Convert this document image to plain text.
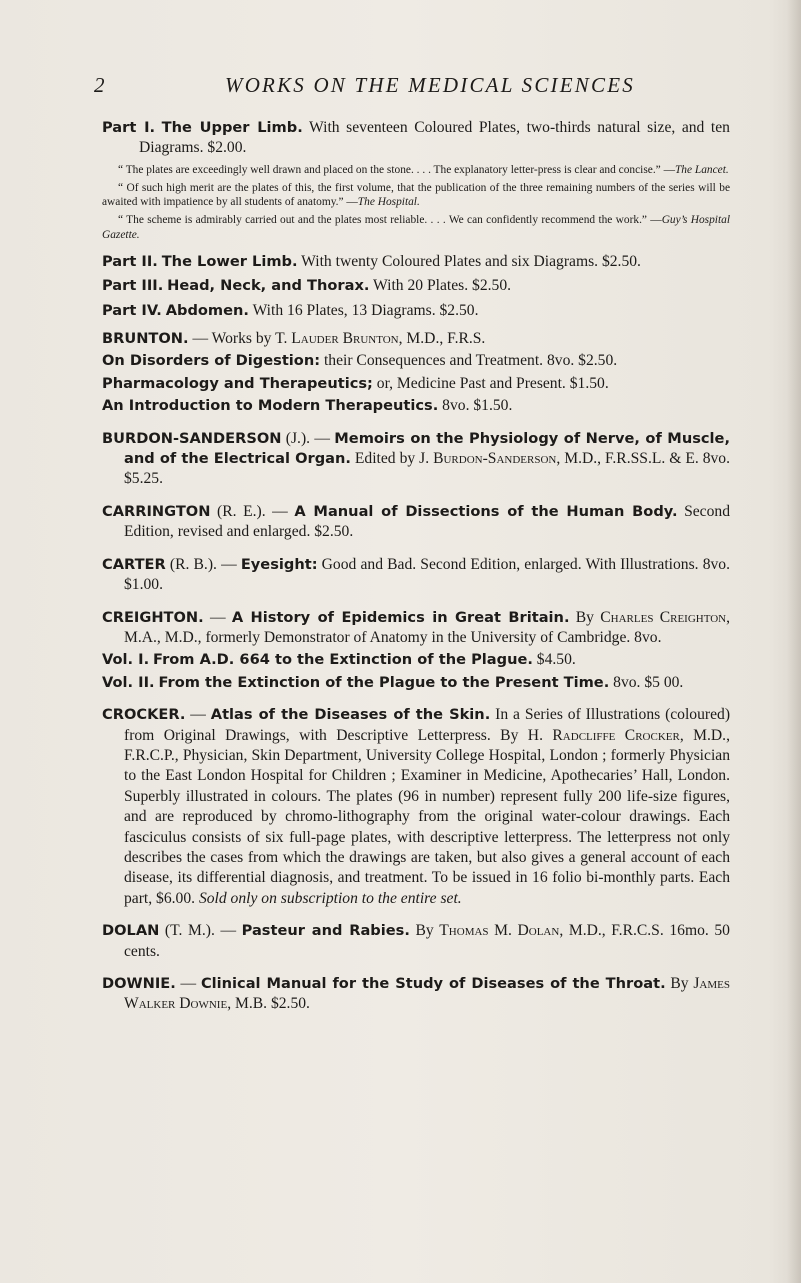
2	WORKS ON THE MEDICAL SCIENCES

Part I. The Upper Limb. With seventeen Coloured Plates, two-thirds natural size, and ten Diagrams. $2.00.

“ The plates are exceedingly well drawn and placed on the stone. . . . The explanatory letter-press is clear and concise.” —The Lancet.

“ Of such high merit are the plates of this, the first volume, that the publication of the three remaining numbers of the series will be awaited with impatience by all students of anatomy.” —The Hospital.

“ The scheme is admirably carried out and the plates most reliable. . . . We can confidently recommend the work.” —Guy’s Hospital Gazette.

Part II. The Lower Limb. With twenty Coloured Plates and six Diagrams. $2.50.

Part III. Head, Neck, and Thorax. With 20 Plates. $2.50.

Part IV. Abdomen. With 16 Plates, 13 Diagrams. $2.50.

BRUNTON. — Works by T. Lauder Brunton, M.D., F.R.S.

On Disorders of Digestion: their Consequences and Treatment. 8vo. $2.50.

Pharmacology and Therapeutics; or, Medicine Past and Present. $1.50.

An Introduction to Modern Therapeutics. 8vo. $1.50.

BURDON-SANDERSON (J.). — Memoirs on the Physiology of Nerve, of Muscle, and of the Electrical Organ. Edited by J. Burdon-Sanderson, M.D., F.R.SS.L. & E. 8vo. $5.25.

CARRINGTON (R. E.). — A Manual of Dissections of the Human Body. Second Edition, revised and enlarged. $2.50.

CARTER (R. B.). — Eyesight: Good and Bad. Second Edition, enlarged. With Illustrations. 8vo. $1.00.

CREIGHTON. — A History of Epidemics in Great Britain. By Charles Creighton, M.A., M.D., formerly Demonstrator of Anatomy in the University of Cambridge. 8vo.

Vol. I. From A.D. 664 to the Extinction of the Plague. $4.50.

Vol. II. From the Extinction of the Plague to the Present Time. 8vo. $5 00.

CROCKER. — Atlas of the Diseases of the Skin. In a Series of Illustrations (coloured) from Original Drawings, with Descriptive Letterpress. By H. Radcliffe Crocker, M.D., F.R.C.P., Physician, Skin Department, University College Hospital, London ; formerly Physician to the East London Hospital for Children ; Examiner in Medicine, Apothecaries’ Hall, London. Superbly illustrated in colours. The plates (96 in number) represent fully 200 life-size figures, and are reproduced by chromo-lithography from the original water-colour drawings. Each fasciculus consists of six full-page plates, with descriptive letterpress. The letterpress not only describes the cases from which the drawings are taken, but also gives a general account of each disease, its differential diagnosis, and treatment. To be issued in 16 folio bi-monthly parts. Each part, $6.00. Sold only on subscription to the entire set.

DOLAN (T. M.). — Pasteur and Rabies. By Thomas M. Dolan, M.D., F.R.C.S. 16mo. 50 cents.

DOWNIE. — Clinical Manual for the Study of Diseases of the Throat. By James Walker Downie, M.B. $2.50.
